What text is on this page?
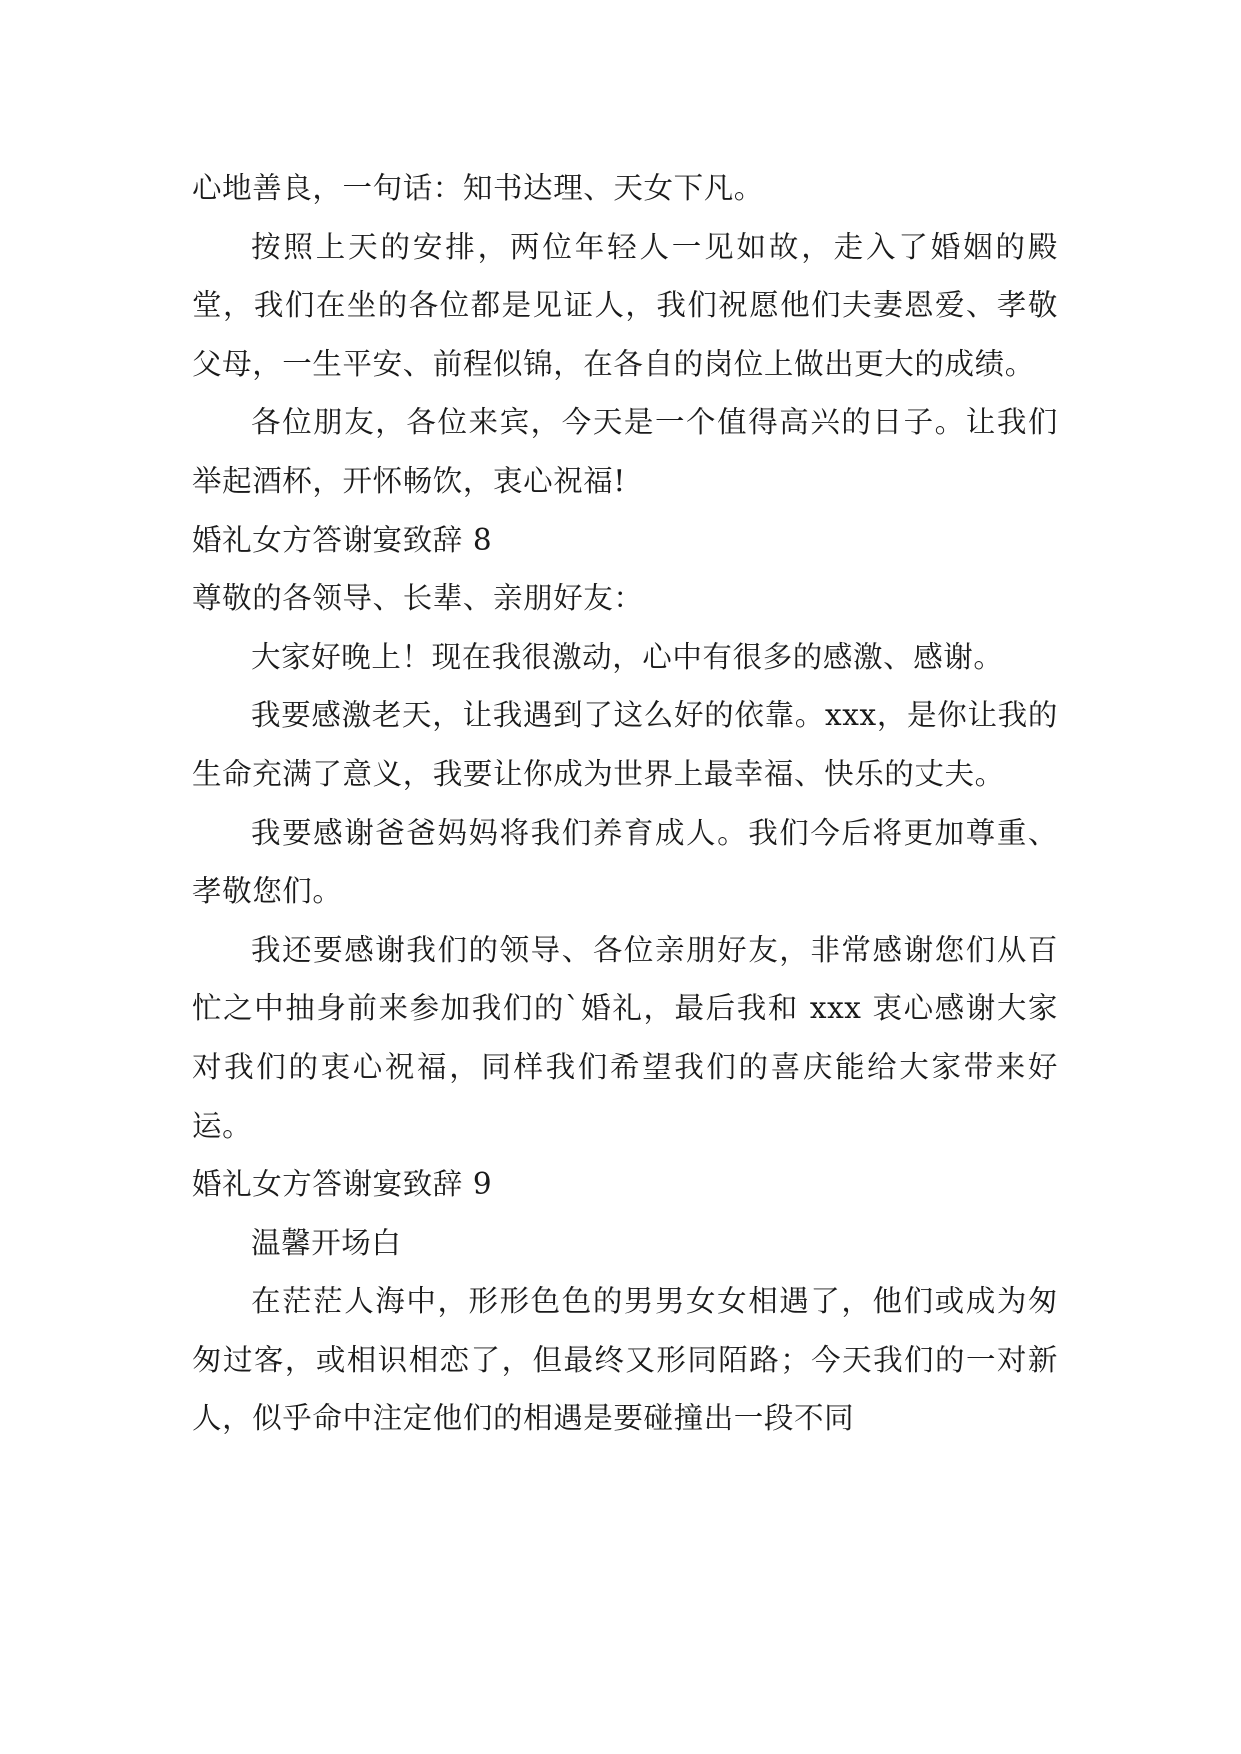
心地善良，一句话：知书达理、天女下凡。

按照上天的安排，两位年轻人一见如故，走入了婚姻的殿堂，我们在坐的各位都是见证人，我们祝愿他们夫妻恩爱、孝敬父母，一生平安、前程似锦，在各自的岗位上做出更大的成绩。

各位朋友，各位来宾，今天是一个值得高兴的日子。让我们举起酒杯，开怀畅饮，衷心祝福!

婚礼女方答谢宴致辞 8

尊敬的各领导、长辈、亲朋好友：

大家好晚上！现在我很激动，心中有很多的感激、感谢。

我要感激老天，让我遇到了这么好的依靠。xxx，是你让我的生命充满了意义，我要让你成为世界上最幸福、快乐的丈夫。

我要感谢爸爸妈妈将我们养育成人。我们今后将更加尊重、孝敬您们。

我还要感谢我们的领导、各位亲朋好友，非常感谢您们从百忙之中抽身前来参加我们的`婚礼，最后我和 xxx 衷心感谢大家对我们的衷心祝福，同样我们希望我们的喜庆能给大家带来好运。

婚礼女方答谢宴致辞 9

温馨开场白

在茫茫人海中，形形色色的男男女女相遇了，他们或成为匆匆过客，或相识相恋了，但最终又形同陌路；今天我们的一对新人，似乎命中注定他们的相遇是要碰撞出一段不同
